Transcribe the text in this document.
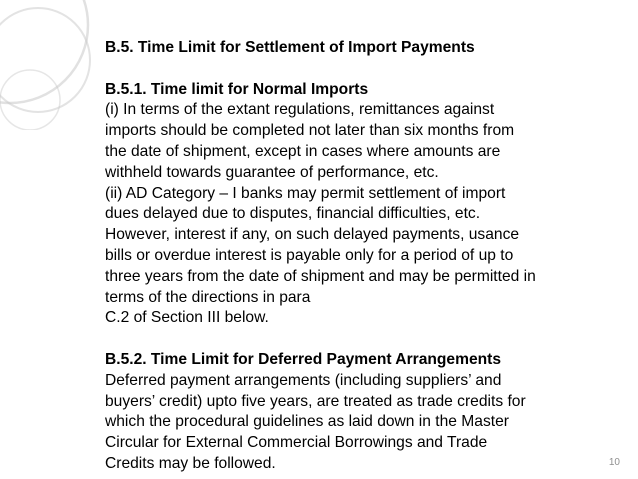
B.5. Time Limit for Settlement of Import Payments

B.5.1. Time limit for Normal Imports

(i) In terms of the extant regulations, remittances against

imports should be completed not later than six months from

the date of shipment, except in cases where amounts are

withheld towards guarantee of performance, etc.

(ii) AD Category – I banks may permit settlement of import

dues delayed due to disputes, financial difficulties, etc.

However, interest if any, on such delayed payments, usance

bills or overdue interest is payable only for a period of up to

three years from the date of shipment and may be permitted in

terms of the directions in para

C.2 of Section III below.

B.5.2. Time Limit for Deferred Payment Arrangements

Deferred payment arrangements (including suppliers’ and

buyers’ credit) upto five years, are treated as trade credits for

which the procedural guidelines as laid down in the Master

Circular for External Commercial Borrowings and Trade

Credits may be followed.	10
